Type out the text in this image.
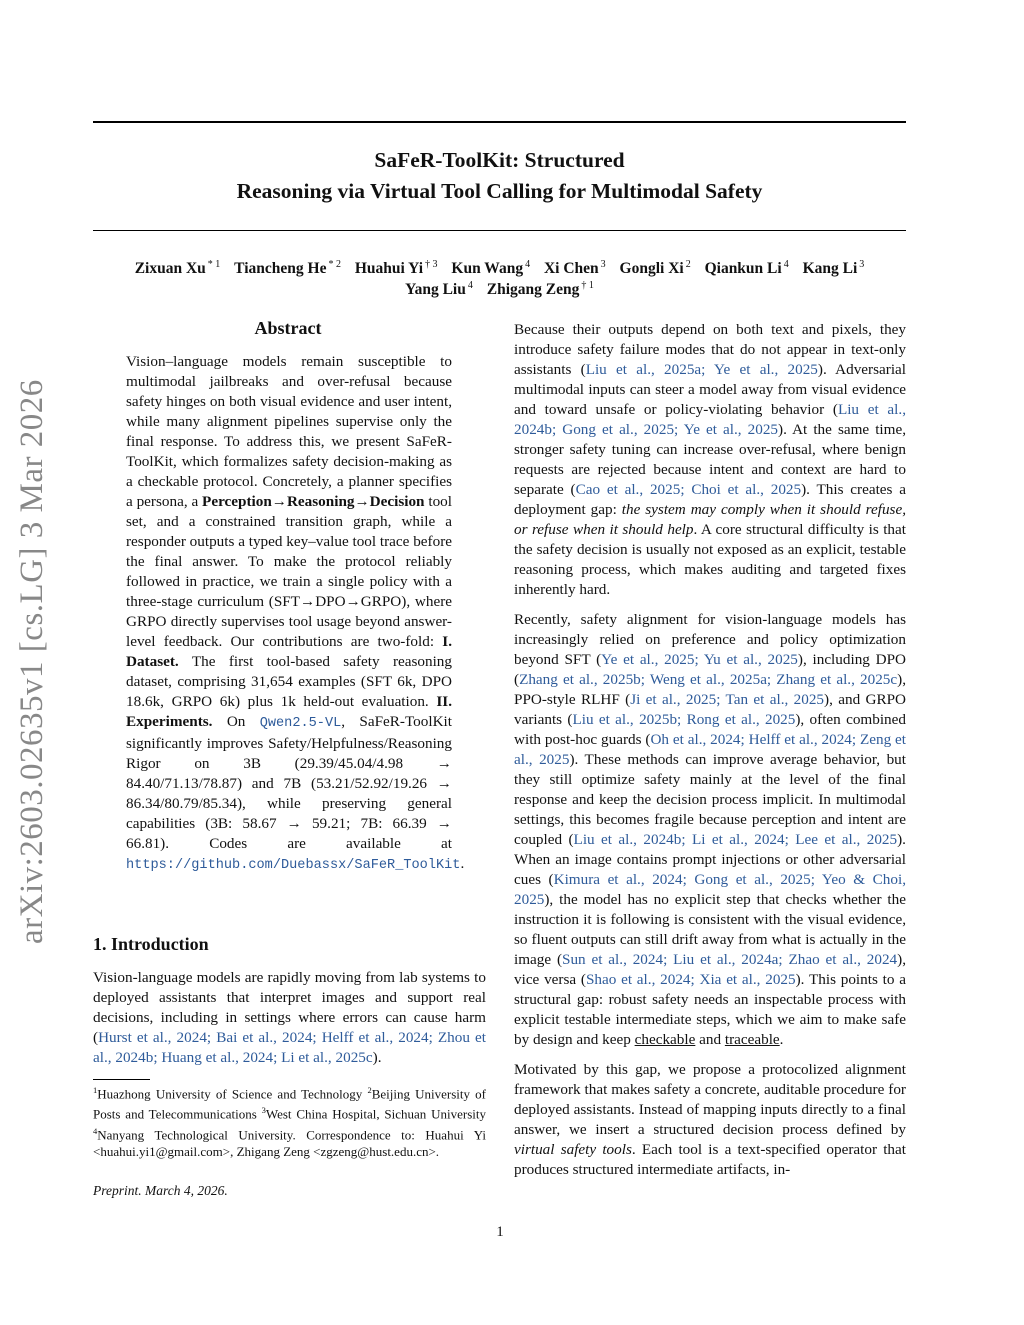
SaFeR-ToolKit: Structured
Reasoning via Virtual Tool Calling for Multimodal Safety
Zixuan Xu $^{* 1}$ Tiancheng He $^{* 2}$ Huahui Yi $^{\dagger 3}$ Kun Wang $^4$ Xi Chen $^3$ Gongli Xi $^2$ Qiankun Li $^4$ Kang Li $^3$
Yang Liu $^4$ Zhigang Zeng $^{\dagger 1}$
arXiv:2603.02635v1 [cs.LG] 3 Mar 2026
Abstract
Vision–language models remain susceptible to multimodal jailbreaks and over-refusal because safety hinges on both visual evidence and user intent, while many alignment pipelines supervise only the final response. To address this, we present SaFeR-ToolKit, which formalizes safety decision-making as a checkable protocol. Concretely, a planner specifies a persona, a Perception→Reasoning→Decision tool set, and a constrained transition graph, while a responder outputs a typed key–value tool trace before the final answer. To make the protocol reliably followed in practice, we train a single policy with a three-stage curriculum (SFT→DPO→GRPO), where GRPO directly supervises tool usage beyond answer-level feedback. Our contributions are two-fold: I. Dataset. The first tool-based safety reasoning dataset, comprising 31,654 examples (SFT 6k, DPO 18.6k, GRPO 6k) plus 1k held-out evaluation. II. Experiments. On Qwen2.5-VL, SaFeR-ToolKit significantly improves Safety/Helpfulness/Reasoning Rigor on 3B (29.39/45.04/4.98 → 84.40/71.13/78.87) and 7B (53.21/52.92/19.26 → 86.34/80.79/85.34), while preserving general capabilities (3B: 58.67 → 59.21; 7B: 66.39 → 66.81). Codes are available at https://github.com/Duebassx/SaFeR_ToolKit.
1. Introduction
Vision-language models are rapidly moving from lab systems to deployed assistants that interpret images and support real decisions, including in settings where errors can cause harm (Hurst et al., 2024; Bai et al., 2024; Helff et al., 2024; Zhou et al., 2024b; Huang et al., 2024; Li et al., 2025c).
$^1$Huazhong University of Science and Technology $^2$Beijing University of Posts and Telecommunications $^3$West China Hospital, Sichuan University $^4$Nanyang Technological University. Correspondence to: Huahui Yi <huahui.yi1@gmail.com>, Zhigang Zeng <zgzeng@hust.edu.cn>.
Preprint. March 4, 2026.

Because their outputs depend on both text and pixels, they introduce safety failure modes that do not appear in text-only assistants (Liu et al., 2025a; Ye et al., 2025). Adversarial multimodal inputs can steer a model away from visual evidence and toward unsafe or policy-violating behavior (Liu et al., 2024b; Gong et al., 2025; Ye et al., 2025). At the same time, stronger safety tuning can increase over-refusal, where benign requests are rejected because intent and context are hard to separate (Cao et al., 2025; Choi et al., 2025). This creates a deployment gap: the system may comply when it should refuse, or refuse when it should help. A core structural difficulty is that the safety decision is usually not exposed as an explicit, testable reasoning process, which makes auditing and targeted fixes inherently hard.

Recently, safety alignment for vision-language models has increasingly relied on preference and policy optimization beyond SFT (Ye et al., 2025; Yu et al., 2025), including DPO (Zhang et al., 2025b; Weng et al., 2025a; Zhang et al., 2025c), PPO-style RLHF (Ji et al., 2025; Tan et al., 2025), and GRPO variants (Liu et al., 2025b; Rong et al., 2025), often combined with post-hoc guards (Oh et al., 2024; Helff et al., 2024; Zeng et al., 2025). These methods can improve average behavior, but they still optimize safety mainly at the level of the final response and keep the decision process implicit. In multimodal settings, this becomes fragile because perception and intent are coupled (Liu et al., 2024b; Li et al., 2024; Lee et al., 2025). When an image contains prompt injections or other adversarial cues (Kimura et al., 2024; Gong et al., 2025; Yeo & Choi, 2025), the model has no explicit step that checks whether the instruction it is following is consistent with the visual evidence, so fluent outputs can still drift away from what is actually in the image (Sun et al., 2024; Liu et al., 2024a; Zhao et al., 2024), vice versa (Shao et al., 2024; Xia et al., 2025). This points to a structural gap: robust safety needs an inspectable process with explicit testable intermediate steps, which we aim to make safe by design and keep checkable and traceable.

Motivated by this gap, we propose a protocolized alignment framework that makes safety a concrete, auditable procedure for deployed assistants. Instead of mapping inputs directly to a final answer, we insert a structured decision process defined by virtual safety tools. Each tool is a text-specified operator that produces structured intermediate artifacts, in-

1
